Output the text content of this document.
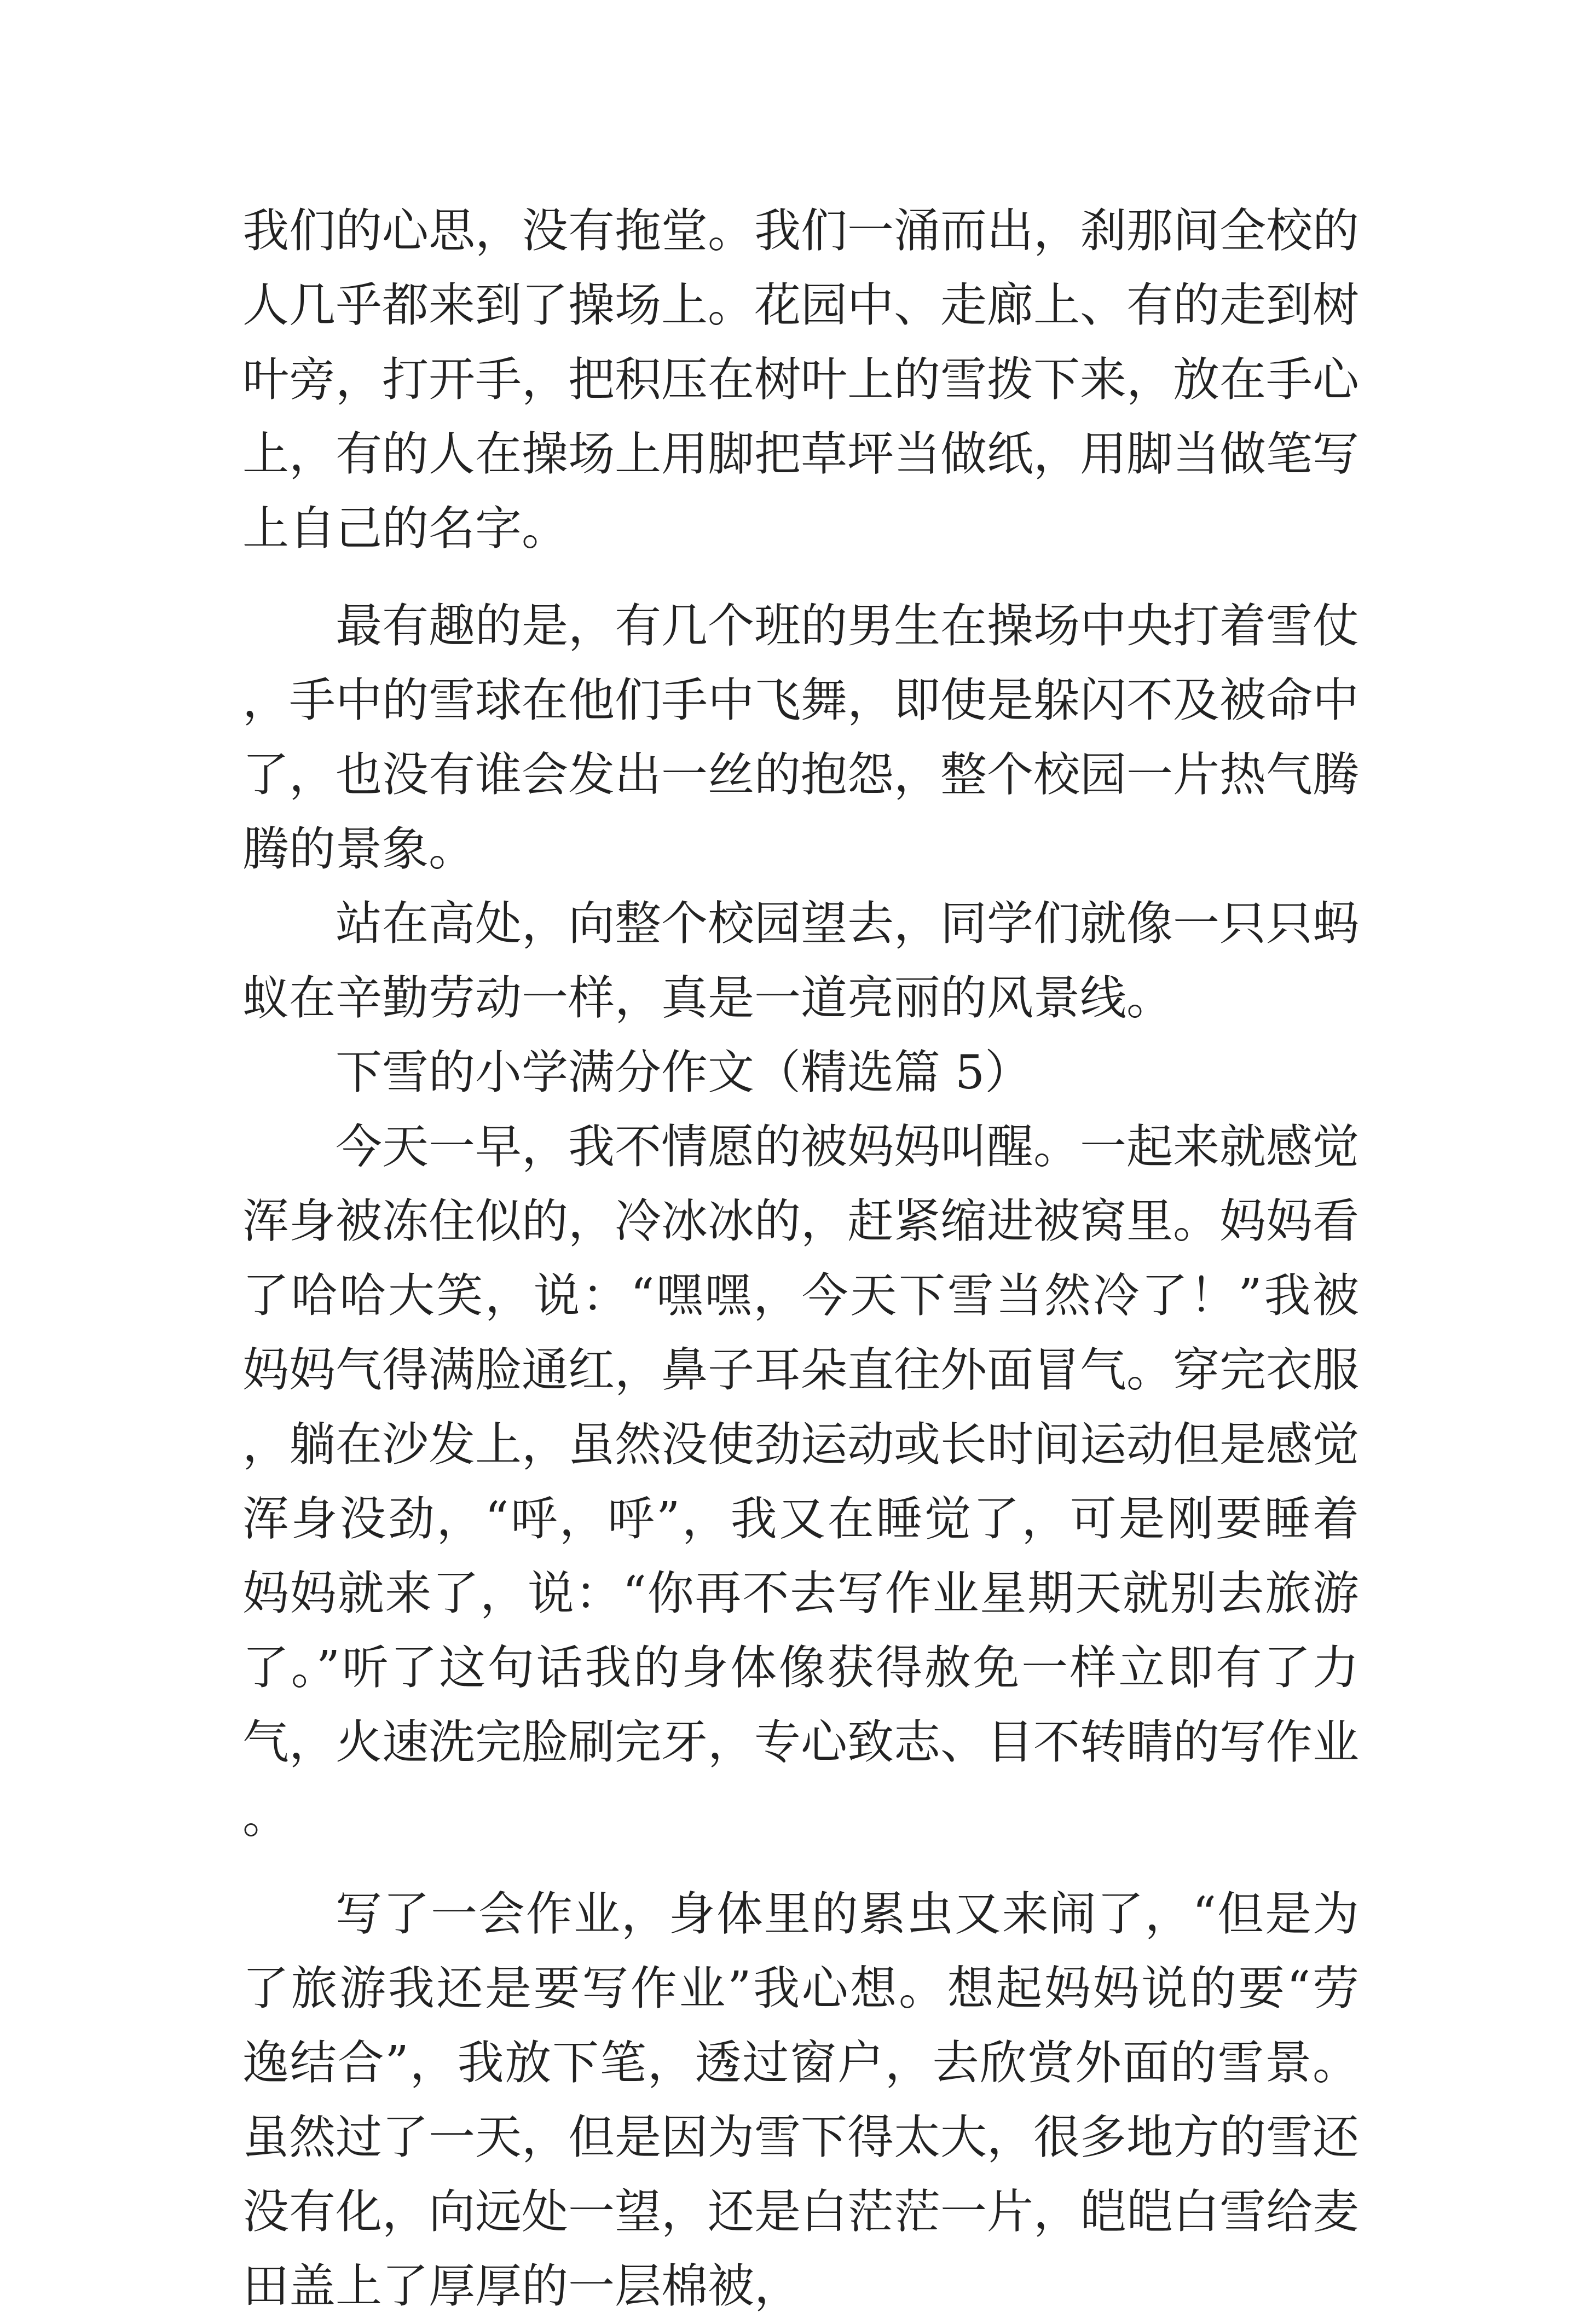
我们的心思，没有拖堂。我们一涌而出，刹那间全校的人几乎都来到了操场上。花园中、走廊上、有的走到树叶旁，打开手，把积压在树叶上的雪拨下来，放在手心上，有的人在操场上用脚把草坪当做纸，用脚当做笔写上自己的名字。

最有趣的是，有几个班的男生在操场中央打着雪仗，手中的雪球在他们手中飞舞，即使是躲闪不及被命中了，也没有谁会发出一丝的抱怨，整个校园一片热气腾腾的景象。

站在高处，向整个校园望去，同学们就像一只只蚂蚁在辛勤劳动一样，真是一道亮丽的风景线。

下雪的小学满分作文（精选篇 5）

今天一早，我不情愿的被妈妈叫醒。一起来就感觉浑身被冻住似的，冷冰冰的，赶紧缩进被窝里。妈妈看了哈哈大笑，说：“嘿嘿，今天下雪当然冷了！”我被妈妈气得满脸通红，鼻子耳朵直往外面冒气。穿完衣服，躺在沙发上，虽然没使劲运动或长时间运动但是感觉浑身没劲，“呼，呼”，我又在睡觉了，可是刚要睡着妈妈就来了，说：“你再不去写作业星期天就别去旅游了。”听了这句话我的身体像获得赦免一样立即有了力气，火速洗完脸刷完牙，专心致志、目不转睛的写作业。

写了一会作业，身体里的累虫又来闹了，“但是为了旅游我还是要写作业”我心想。想起妈妈说的要“劳逸结合”，我放下笔，透过窗户，去欣赏外面的雪景。虽然过了一天，但是因为雪下得太大，很多地方的雪还没有化，向远处一望，还是白茫茫一片，皑皑白雪给麦田盖上了厚厚的一层棉被，
